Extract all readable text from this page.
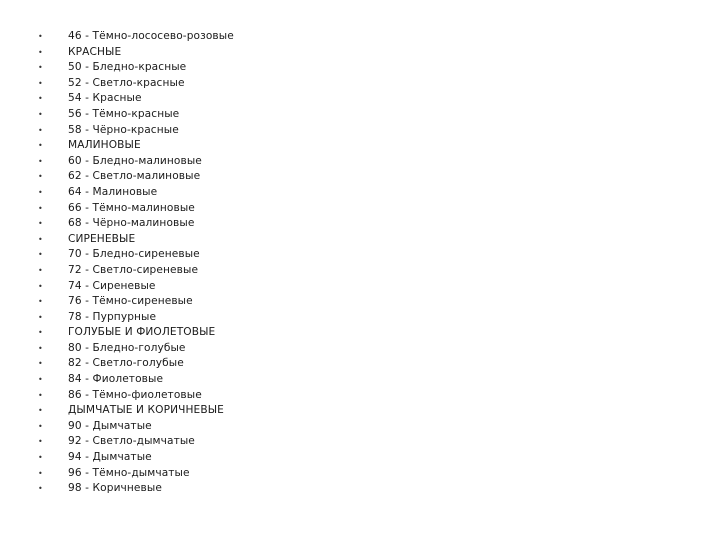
•	46 - Тёмно-лососево-розовые
•	КРАСНЫЕ
•	50 - Бледно-красные
•	52 - Светло-красные
•	54 - Красные
•	56 - Тёмно-красные
•	58 - Чёрно-красные
•	МАЛИНОВЫЕ
•	60 - Бледно-малиновые
•	62 - Светло-малиновые
•	64 - Малиновые
•	66 - Тёмно-малиновые
•	68 - Чёрно-малиновые
•	СИРЕНЕВЫЕ
•	70 - Бледно-сиреневые
•	72 - Светло-сиреневые
•	74 - Сиреневые
•	76 - Тёмно-сиреневые
•	78 - Пурпурные
•	ГОЛУБЫЕ И ФИОЛЕТОВЫЕ
•	80 - Бледно-голубые
•	82 - Светло-голубые
•	84 - Фиолетовые
•	86 - Тёмно-фиолетовые
•	ДЫМЧАТЫЕ И КОРИЧНЕВЫЕ
•	90 - Дымчатые
•	92 - Светло-дымчатые
•	94 - Дымчатые
•	96 - Тёмно-дымчатые
•	98 - Коричневые
